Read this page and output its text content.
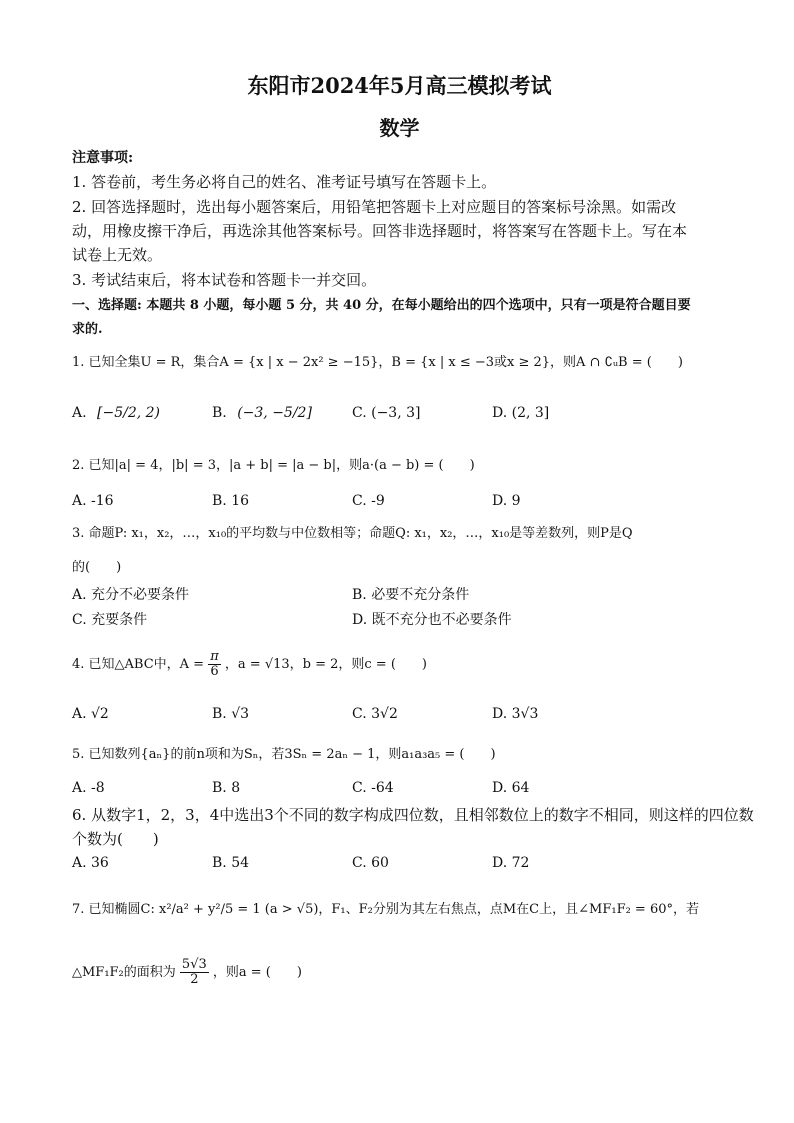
东阳市2024年5月高三模拟考试
数学
注意事项:
1. 答卷前，考生务必将自己的姓名、准考证号填写在答题卡上。
2. 回答选择题时，选出每小题答案后，用铅笔把答题卡上对应题目的答案标号涂黑。如需改
动，用橡皮擦干净后，再选涂其他答案标号。回答非选择题时，将答案写在答题卡上。写在本
试卷上无效。
3. 考试结束后，将本试卷和答题卡一并交回。
一、选择题: 本题共 8 小题，每小题 5 分，共 40 分，在每小题给出的四个选项中，只有一项是符合题目要
求的.
1. 已知全集U = R，集合A = {x | x − 2x² ≥ −15}，B = {x | x ≤ −3或x ≥ 2}，则A ∩ ∁ᵤB = (　　)
A. [−5/2, 2)	B. (−3, −5/2]	C. (−3, 3]	D. (2, 3]
2. 已知|a| = 4，|b| = 3，|a + b| = |a − b|，则a·(a − b) = (　　)
A. -16	B. 16	C. -9	D. 9
3. 命题P: x₁，x₂，…，x₁₀的平均数与中位数相等；命题Q: x₁，x₂，…，x₁₀是等差数列，则P是Q
的(　　)
A. 充分不必要条件	B. 必要不充分条件
C. 充要条件	D. 既不充分也不必要条件
4. 已知△ABC中，$A = \frac{\pi}{6}$ ，a = √13，b = 2，则c = (　　)
A. √2	B. √3	C. 3√2	D. 3√3
5. 已知数列{aₙ}的前n项和为Sₙ，若3Sₙ = 2aₙ − 1，则a₁a₃a₅ = (　　)
A. -8	B. 8	C. -64	D. 64
6. 从数字1，2，3，4中选出3个不同的数字构成四位数，且相邻数位上的数字不相同，则这样的四位数
个数为(　　)
A. 36	B. 54	C. 60	D. 72
7. 已知椭圆C: x²/a² + y²/5 = 1 (a > √5)，F₁、F₂分别为其左右焦点，点M在C上，且∠MF₁F₂ = 60°，若
△MF₁F₂的面积为 $\frac{5√3}{2}$ ，则a = (　　)
